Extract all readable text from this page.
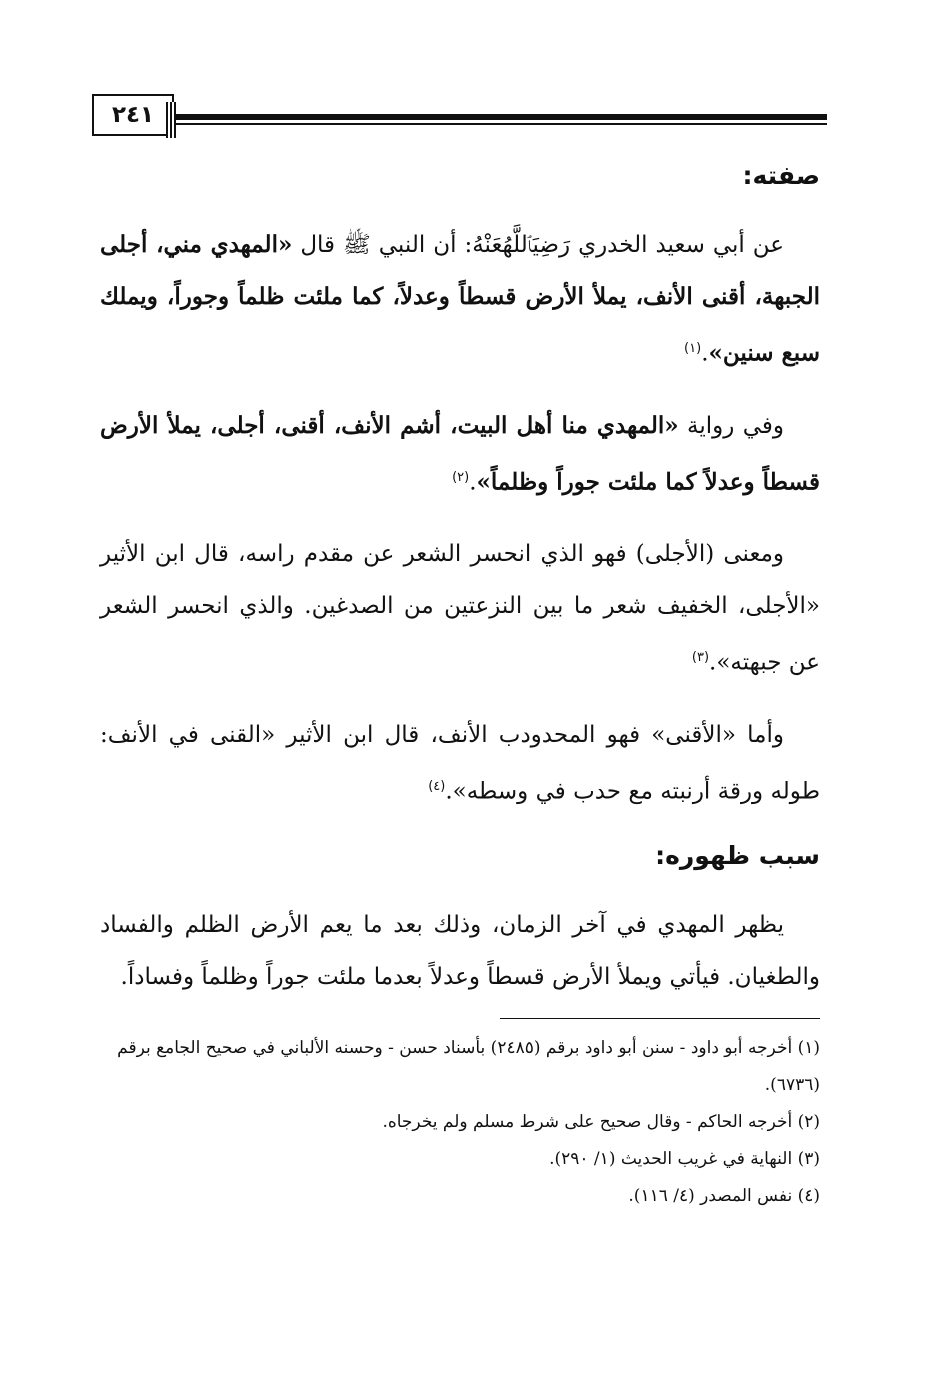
٢٤١
صفته:

عن أبي سعيد الخدري رَضِيَٱللَّهُعَنْهُ: أن النبي ﷺ قال «المهدي مني، أجلى الجبهة، أقنى الأنف، يملأ الأرض قسطاً وعدلاً، كما ملئت ظلماً وجوراً، ويملك سبع سنين».$^{(١)}$

وفي رواية «المهدي منا أهل البيت، أشم الأنف، أقنى، أجلى، يملأ الأرض قسطاً وعدلاً كما ملئت جوراً وظلماً».$^{(٢)}$

ومعنى (الأجلى) فهو الذي انحسر الشعر عن مقدم راسه، قال ابن الأثير «الأجلى، الخفيف شعر ما بين النزعتين من الصدغين. والذي انحسر الشعر عن جبهته».$^{(٣)}$

وأما «الأقنى» فهو المحدودب الأنف، قال ابن الأثير «القنى في الأنف: طوله ورقة أرنبته مع حدب في وسطه».$^{(٤)}$

سبب ظهوره:

يظهر المهدي في آخر الزمان، وذلك بعد ما يعم الأرض الظلم والفساد والطغيان. فيأتي ويملأ الأرض قسطاً وعدلاً بعدما ملئت جوراً وظلماً وفساداً.

(١) أخرجه أبو داود - سنن أبو داود برقم (٢٤٨٥) بأسناد حسن - وحسنه الألباني في صحيح الجامع برقم (٦٧٣٦).

(٢) أخرجه الحاكم - وقال صحيح على شرط مسلم ولم يخرجاه.

(٣) النهاية في غريب الحديث (١/ ٢٩٠).

(٤) نفس المصدر (٤/ ١١٦).
